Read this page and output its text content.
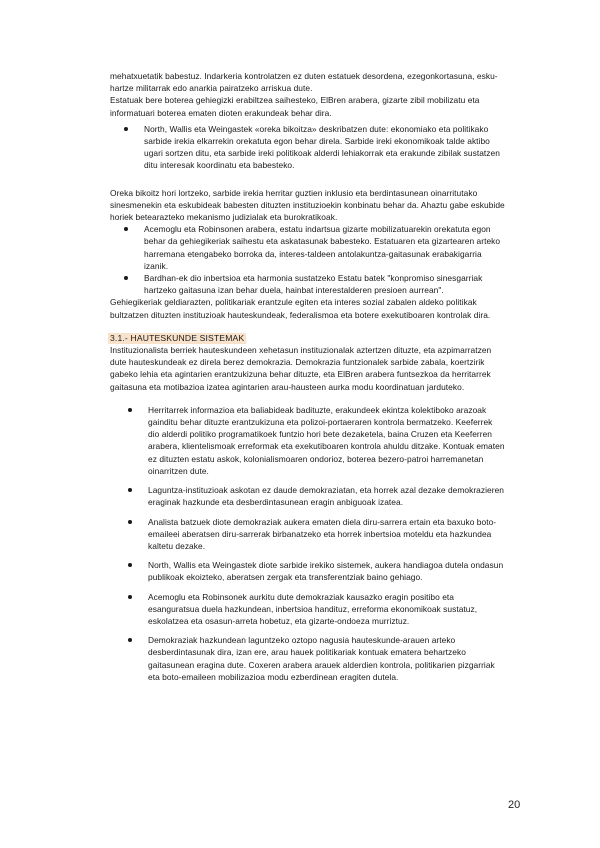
mehatxuetatik babestuz. Indarkeria kontrolatzen ez duten estatuek desordena, ezegonkortasuna, esku-hartze militarrak edo anarkia pairatzeko arriskua dute.

Estatuak bere boterea gehiegizki erabiltzea saihesteko, ElBren arabera, gizarte zibil mobilizatu eta informatuari boterea ematen dioten erakundeak behar dira.

North, Wallis eta Weingastek «oreka bikoitza» deskribatzen dute: ekonomiako eta politikako sarbide irekia elkarrekin orekatuta egon behar direla. Sarbide ireki ekonomikoak talde aktibo ugari sortzen ditu, eta sarbide ireki politikoak alderdi lehiakorrak eta erakunde zibilak sustatzen ditu interesak koordinatu eta babesteko.

Oreka bikoitz hori lortzeko, sarbide irekia herritar guztien inklusio eta berdintasunean oinarritutako sinesmenekin eta eskubideak babesten dituzten instituzioekin konbinatu behar da. Ahaztu gabe eskubide horiek betearazteko mekanismo judizialak eta burokratikoak.

Acemoglu eta Robinsonen arabera, estatu indartsua gizarte mobilizatuarekin orekatuta egon behar da gehiegikeriak saihestu eta askatasunak babesteko. Estatuaren eta gizartearen arteko harremana etengabeko borroka da, interes-taldeen antolakuntza-gaitasunak erabakigarria izanik.
Bardhan-ek dio inbertsioa eta harmonia sustatzeko Estatu batek "konpromiso sinesgarriak hartzeko gaitasuna izan behar duela, hainbat interestalderen presioen aurrean".

Gehiegikeriak geldiarazten, politikariak erantzule egiten eta interes sozial zabalen aldeko politikak bultzatzen dituzten instituzioak hauteskundeak, federalismoa eta botere exekutiboaren kontrolak dira.

3.1.- HAUTESKUNDE SISTEMAK

Instituzionalista berriek hauteskundeen xehetasun instituzionalak aztertzen dituzte, eta azpimarratzen dute hauteskundeak ez direla berez demokrazia. Demokrazia funtzionalek sarbide zabala, koertzirik gabeko lehia eta agintarien erantzukizuna behar dituzte, eta ElBren arabera funtsezkoa da herritarrek gaitasuna eta motibazioa izatea agintarien arau-hausteen aurka modu koordinatuan jarduteko.

Herritarrek informazioa eta baliabideak badituzte, erakundeek ekintza kolektiboko arazoak gainditu behar dituzte erantzukizuna eta polizoi-portaeraren kontrola bermatzeko. Keeferrek dio alderdi politiko programatikoek funtzio hori bete dezaketela, baina Cruzen eta Keeferren arabera, klientelismoak erreformak eta exekutiboaren kontrola ahuldu ditzake. Kontuak ematen ez dituzten estatu askok, kolonialismoaren ondorioz, boterea bezero-patroi harremanetan oinarritzen dute.
Laguntza-instituzioak askotan ez daude demokraziatan, eta horrek azal dezake demokrazieren eraginak hazkunde eta desberdintasunean eragin anbiguoak izatea.
Analista batzuek diote demokraziak aukera ematen diela diru-sarrera ertain eta baxuko boto-emaileei aberatsen diru-sarrerak birbanatzeko eta horrek inbertsioa moteldu eta hazkundea kaltetu dezake.
North, Wallis eta Weingastek diote sarbide irekiko sistemek, aukera handiagoa dutela ondasun publikoak ekoizteko, aberatsen zergak eta transferentziak baino gehiago.
Acemoglu eta Robinsonek aurkitu dute demokraziak kausazko eragin positibo eta esanguratsua duela hazkundean, inbertsioa handituz, erreforma ekonomikoak sustatuz, eskolatzea eta osasun-arreta hobetuz, eta gizarte-ondoeza murriztuz.
Demokraziak hazkundean laguntzeko oztopo nagusia hauteskunde-arauen arteko desberdintasunak dira, izan ere, arau hauek politikariak kontuak ematera behartzeko gaitasunean eragina dute. Coxeren arabera arauek alderdien kontrola, politikarien pizgarriak eta boto-emaileen mobilizazioa modu ezberdinean eragiten dutela.
20
